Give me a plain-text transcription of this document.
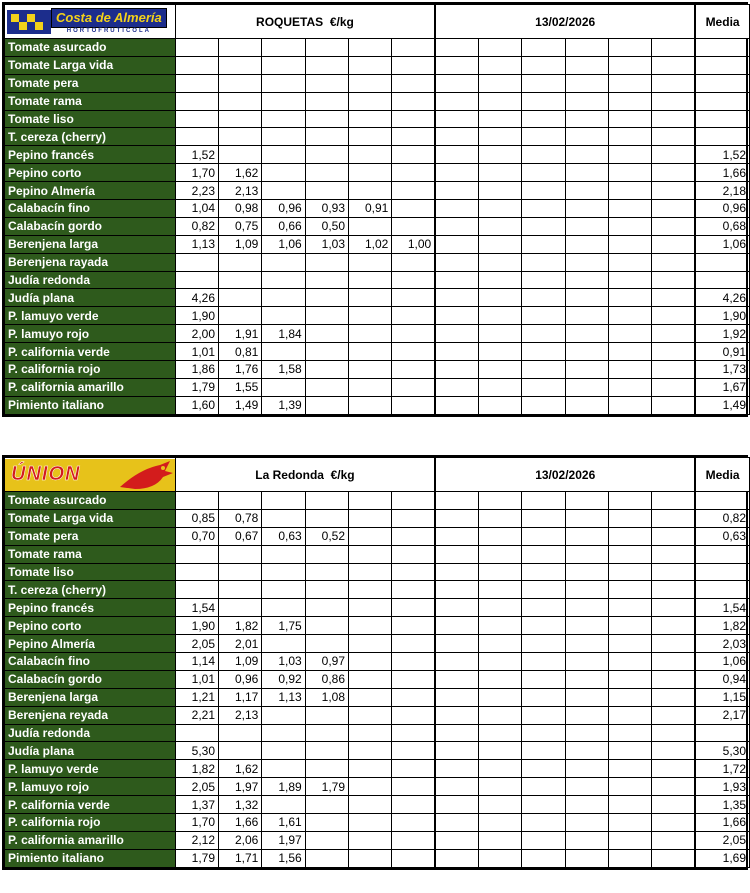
Costa de Almería
HORTOFRUTICOLA	ROQUETAS  €/kg						13/02/2026						Media
Tomate asurcado													
Tomate Larga vida													
Tomate pera													
Tomate rama													
Tomate liso													
T. cereza (cherry)													
Pepino francés	1,52												1,52
Pepino corto	1,70	1,62											1,66
Pepino Almería	2,23	2,13											2,18
Calabacín fino	1,04	0,98	0,96	0,93	0,91								0,96
Calabacín gordo	0,82	0,75	0,66	0,50									0,68
Berenjena larga	1,13	1,09	1,06	1,03	1,02	1,00							1,06
Berenjena rayada													
Judía redonda													
Judía plana	4,26												4,26
P. lamuyo verde	1,90												1,90
P. lamuyo rojo	2,00	1,91	1,84										1,92
P. california verde	1,01	0,81											0,91
P. california rojo	1,86	1,76	1,58										1,73
P. california amarillo	1,79	1,55											1,67
Pimiento italiano	1,60	1,49	1,39										1,49
ÚNION	La Redonda  €/kg						13/02/2026						Media
Tomate asurcado													
Tomate Larga vida	0,85	0,78											0,82
Tomate pera	0,70	0,67	0,63	0,52									0,63
Tomate rama													
Tomate liso													
T. cereza (cherry)													
Pepino francés	1,54												1,54
Pepino corto	1,90	1,82	1,75										1,82
Pepino Almería	2,05	2,01											2,03
Calabacín fino	1,14	1,09	1,03	0,97									1,06
Calabacín gordo	1,01	0,96	0,92	0,86									0,94
Berenjena larga	1,21	1,17	1,13	1,08									1,15
Berenjena reyada	2,21	2,13											2,17
Judía redonda													
Judía plana	5,30												5,30
P. lamuyo verde	1,82	1,62											1,72
P. lamuyo rojo	2,05	1,97	1,89	1,79									1,93
P. california verde	1,37	1,32											1,35
P. california rojo	1,70	1,66	1,61										1,66
P. california amarillo	2,12	2,06	1,97										2,05
Pimiento italiano	1,79	1,71	1,56										1,69
